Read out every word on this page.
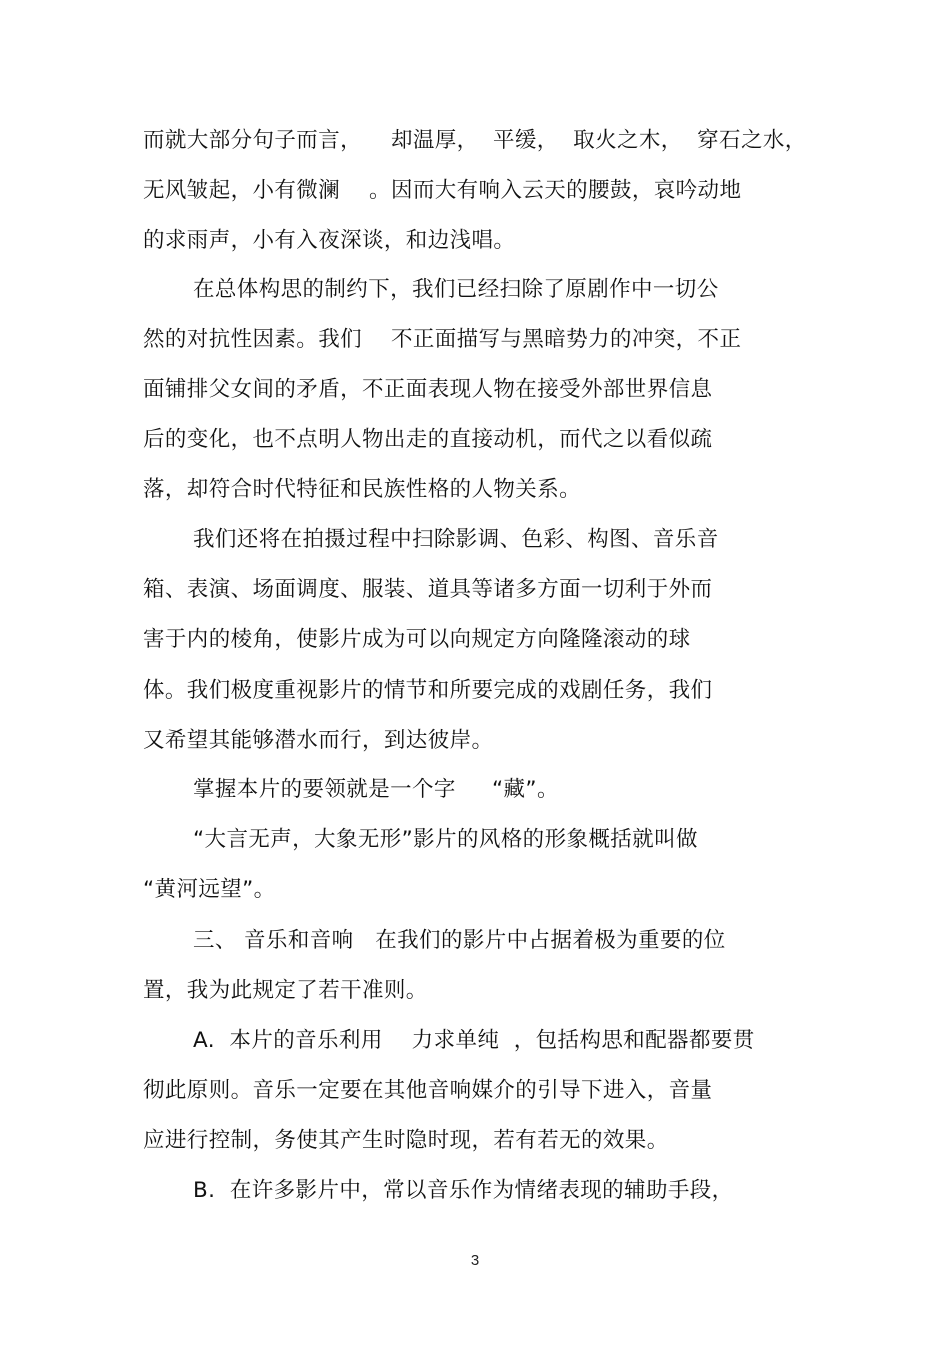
而就大部分句子而言，    却温厚，  平缓，  取火之木，  穿石之水，
无风皱起，小有微澜    。因而大有响入云天的腰鼓，哀吟动地
的求雨声，小有入夜深谈，和边浅唱。
在总体构思的制约下，我们已经扫除了原剧作中一切公
然的对抗性因素。我们    不正面描写与黑暗势力的冲突，不正
面铺排父女间的矛盾，不正面表现人物在接受外部世界信息
后的变化，也不点明人物出走的直接动机，而代之以看似疏
落，却符合时代特征和民族性格的人物关系。
我们还将在拍摄过程中扫除影调、色彩、构图、音乐音
箱、表演、场面调度、服装、道具等诸多方面一切利于外而
害于内的棱角，使影片成为可以向规定方向隆隆滚动的球
体。我们极度重视影片的情节和所要完成的戏剧任务，我们
又希望其能够潜水而行，到达彼岸。
掌握本片的要领就是一个字     “藏”。
“大言无声，大象无形”影片的风格的形象概括就叫做
“黄河远望”。
三、 音乐和音响   在我们的影片中占据着极为重要的位
置，我为此规定了若干准则。
A.  本片的音乐利用    力求单纯  ，包括构思和配器都要贯
彻此原则。音乐一定要在其他音响媒介的引导下进入，音量
应进行控制，务使其产生时隐时现，若有若无的效果。
B.  在许多影片中，常以音乐作为情绪表现的辅助手段，
3
